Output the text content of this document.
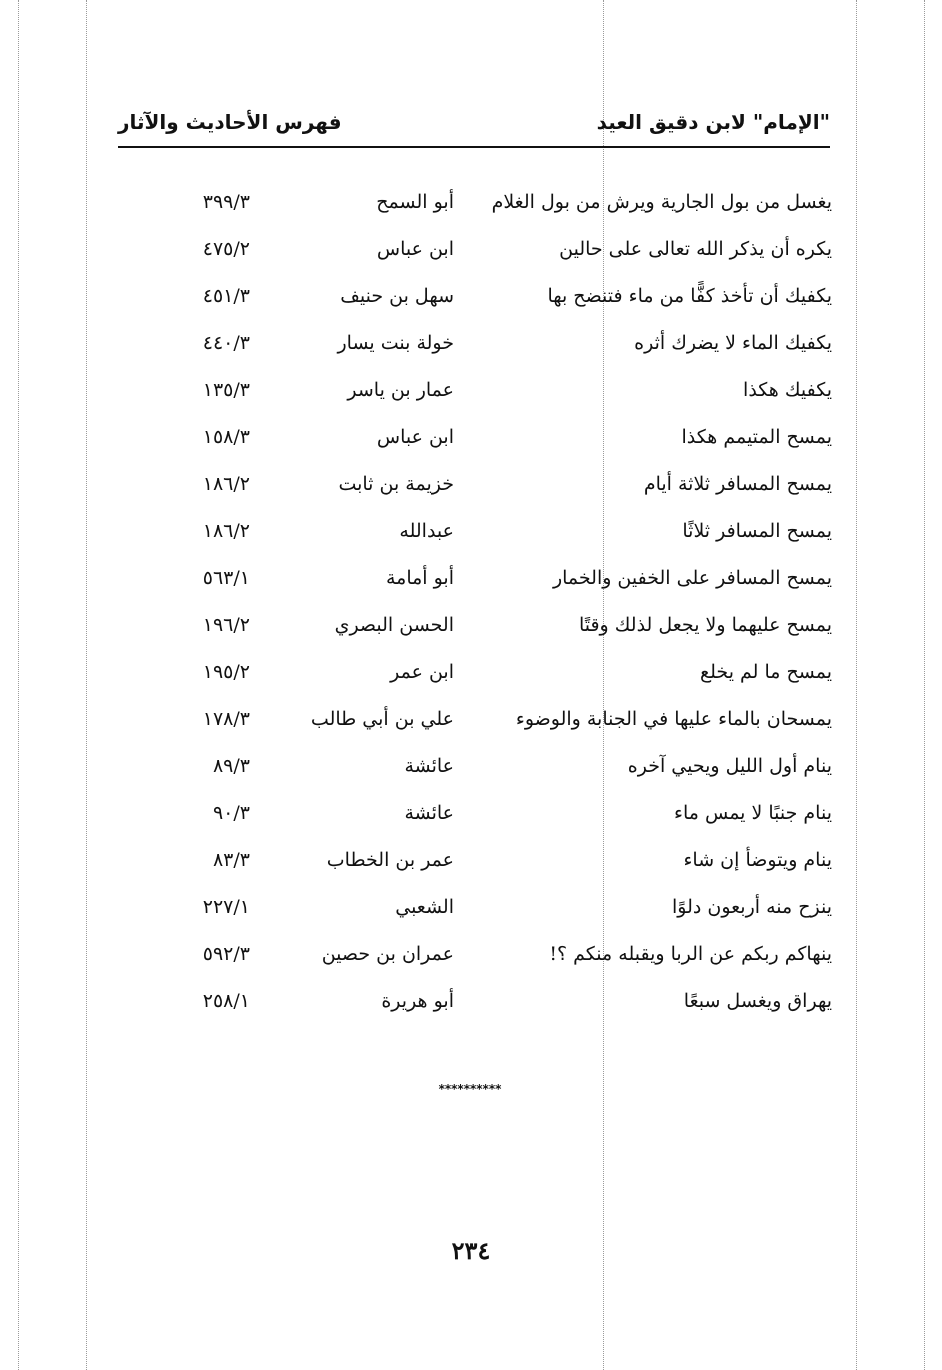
"الإمام" لابن دقيق العيد
فهرس الأحاديث والآثار
يغسل من بول الجارية ويرش من بول الغلام
أبو السمح
٣٩٩/٣
يكره أن يذكر الله تعالى على حالين
ابن عباس
٤٧٥/٢
يكفيك أن تأخذ كفًّا من ماء فتنضح بها
سهل بن حنيف
٤٥١/٣
يكفيك الماء لا يضرك أثره
خولة بنت يسار
٤٤٠/٣
يكفيك هكذا
عمار بن ياسر
١٣٥/٣
يمسح المتيمم هكذا
ابن عباس
١٥٨/٣
يمسح المسافر ثلاثة أيام
خزيمة بن ثابت
١٨٦/٢
يمسح المسافر ثلاثًا
عبدالله
١٨٦/٢
يمسح المسافر على الخفين والخمار
أبو أمامة
٥٦٣/١
يمسح عليهما ولا يجعل لذلك وقتًا
الحسن البصري
١٩٦/٢
يمسح ما لم يخلع
ابن عمر
١٩٥/٢
يمسحان بالماء عليها في الجنابة والوضوء
علي بن أبي طالب
١٧٨/٣
ينام أول الليل ويحيي آخره
عائشة
٨٩/٣
ينام جنبًا لا يمس ماء
عائشة
٩٠/٣
ينام ويتوضأ إن شاء
عمر بن الخطاب
٨٣/٣
ينزح منه أربعون دلوًا
الشعبي
٢٢٧/١
ينهاكم ربكم عن الربا ويقبله منكم ؟!
عمران بن حصين
٥٩٢/٣
يهراق ويغسل سبعًا
أبو هريرة
٢٥٨/١
**********
٢٣٤
